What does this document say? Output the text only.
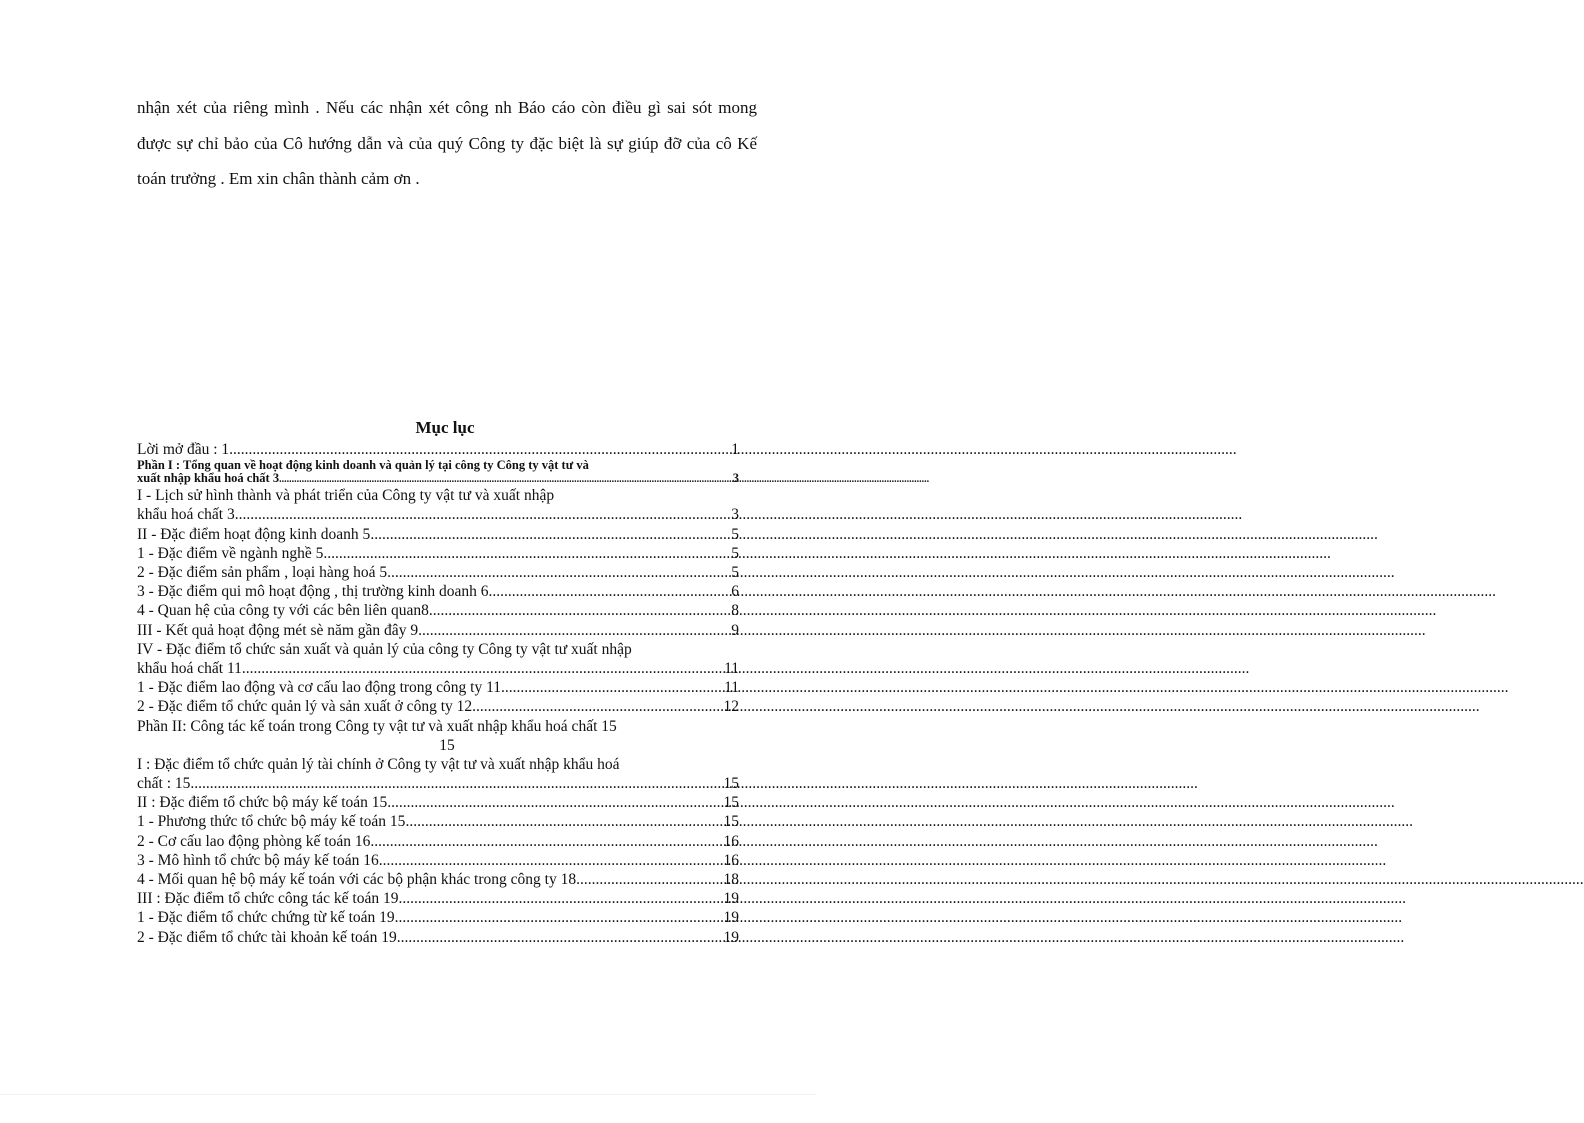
nhận xét của riêng mình . Nếu các nhận xét công nh Báo cáo còn điều gì sai sót mong được sự chỉ bảo của Cô hướng dẫn và của quý Công ty đặc biệt là sự giúp đỡ của cô Kế toán trưởng . Em xin chân thành cảm ơn .

Mục lục
Lời mở đầu : 1 .....	1
Phần I : Tổng quan về hoạt động kinh doanh và quản lý tại công ty Công ty vật tư và
xuất nhập khẩu hoá chất 3 .....	3
I - Lịch sử hình thành và phát triển của Công ty vật tư và xuất nhập
khẩu hoá chất 3 .....	3
II - Đặc điểm hoạt động kinh doanh 5 .....	5
1 - Đặc điểm về ngành nghề 5 .....	5
2 - Đặc điểm sản phẩm , loại hàng hoá 5 .....	5
3 - Đặc điểm qui mô hoạt động , thị trường kinh doanh 6 .....	6
4 - Quan hệ của công ty với các bên liên quan8 .....	8
III - Kết quả hoạt động mét sè năm gần đây 9 .....	9
IV - Đặc điểm tổ chức sản xuất và quản lý của công ty Công ty vật tư xuất nhập
khẩu hoá chất 11 .....	11
1 - Đặc điểm lao động và cơ cấu lao động trong công ty 11 .....	11
2 - Đặc điểm tổ chức quản lý và sản xuất ở công ty 12 .....	12
Phần II: Công tác kế toán trong Công ty vật tư và xuất nhập khẩu hoá chất 15
15
I : Đặc điểm tổ chức quản lý tài chính ở Công ty vật tư và xuất nhập khẩu hoá
chất : 15 .....	15
II : Đặc điểm tổ chức bộ máy kế toán 15 .....	15
1 - Phương thức tổ chức bộ máy kế toán 15 .....	15
2 - Cơ cấu lao động phòng kế toán 16 .....	16
3 - Mô hình tổ chức bộ máy kế toán 16 .....	16
4 - Mối quan hệ bộ máy kế toán với các bộ phận khác trong công ty 18 .....	18
III : Đặc điểm tổ chức công tác kế toán 19 .....	19
1 - Đặc điểm tổ chức chứng từ kế toán 19 .....	19
2 - Đặc điểm tổ chức tài khoản kế toán 19 .....	19
